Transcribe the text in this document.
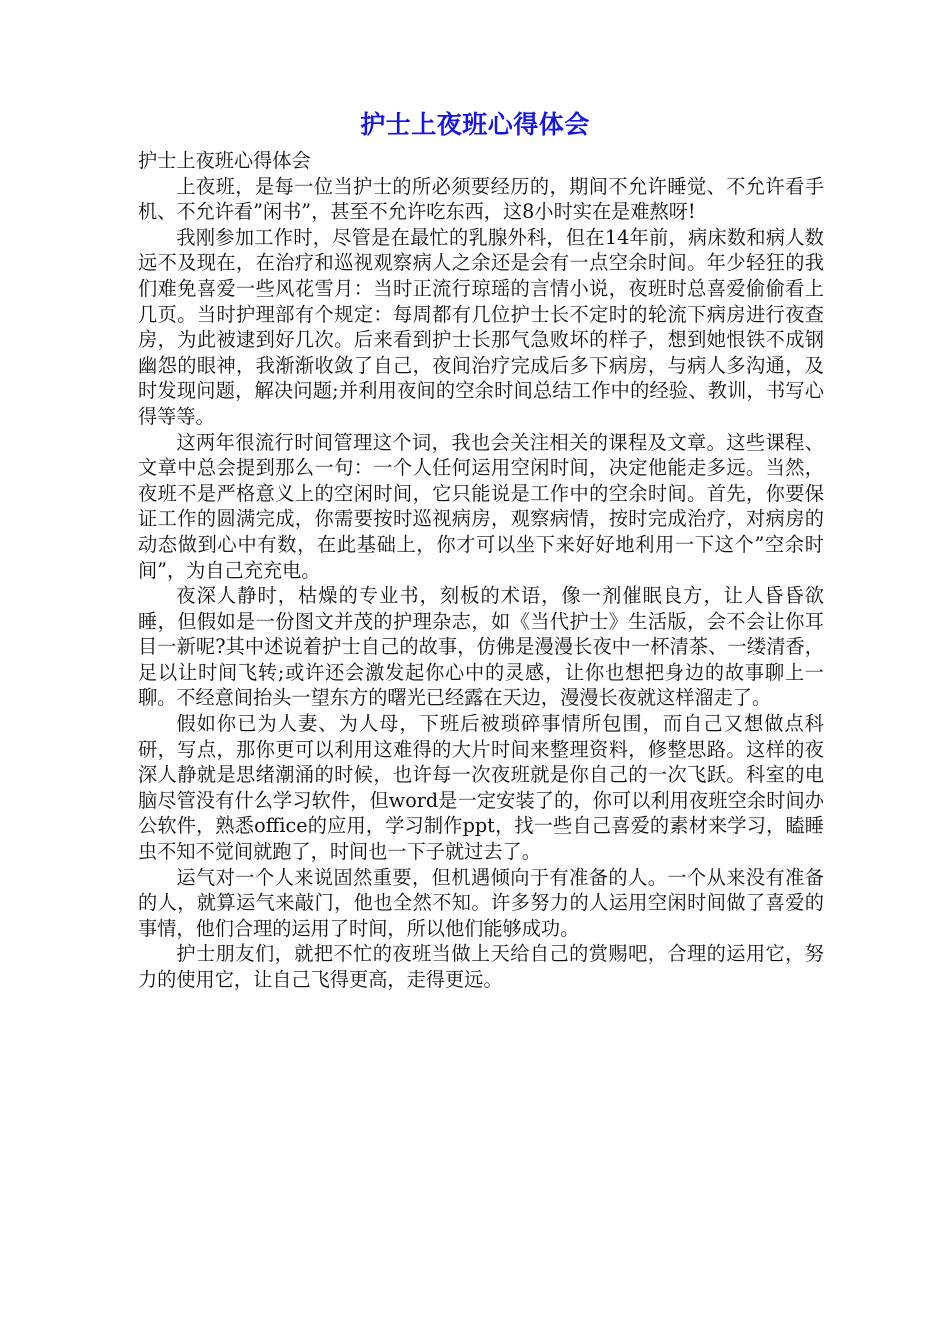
护士上夜班心得体会

护士上夜班心得体会

上夜班，是每一位当护士的所必须要经历的，期间不允许睡觉、不允许看手机、不允许看”闲书”，甚至不允许吃东西，这8小时实在是难熬呀!

我刚参加工作时，尽管是在最忙的乳腺外科，但在14年前，病床数和病人数远不及现在，在治疗和巡视观察病人之余还是会有一点空余时间。年少轻狂的我们难免喜爱一些风花雪月：当时正流行琼瑶的言情小说，夜班时总喜爱偷偷看上几页。当时护理部有个规定：每周都有几位护士长不定时的轮流下病房进行夜查房，为此被逮到好几次。后来看到护士长那气急败坏的样子，想到她恨铁不成钢幽怨的眼神，我渐渐收敛了自己，夜间治疗完成后多下病房，与病人多沟通，及时发现问题，解决问题;并利用夜间的空余时间总结工作中的经验、教训，书写心得等等。

这两年很流行时间管理这个词，我也会关注相关的课程及文章。这些课程、文章中总会提到那么一句：一个人任何运用空闲时间，决定他能走多远。当然，夜班不是严格意义上的空闲时间，它只能说是工作中的空余时间。首先，你要保证工作的圆满完成，你需要按时巡视病房，观察病情，按时完成治疗，对病房的动态做到心中有数，在此基础上，你才可以坐下来好好地利用一下这个”空余时间”，为自己充充电。

夜深人静时，枯燥的专业书，刻板的术语，像一剂催眠良方，让人昏昏欲睡，但假如是一份图文并茂的护理杂志，如《当代护士》生活版，会不会让你耳目一新呢?其中述说着护士自己的故事，仿佛是漫漫长夜中一杯清茶、一缕清香，足以让时间飞转;或许还会激发起你心中的灵感，让你也想把身边的故事聊上一聊。不经意间抬头一望东方的曙光已经露在天边，漫漫长夜就这样溜走了。

假如你已为人妻、为人母，下班后被琐碎事情所包围，而自己又想做点科研，写点，那你更可以利用这难得的大片时间来整理资料，修整思路。这样的夜深人静就是思绪潮涌的时候，也许每一次夜班就是你自己的一次飞跃。科室的电脑尽管没有什么学习软件，但word是一定安装了的，你可以利用夜班空余时间办公软件，熟悉office的应用，学习制作ppt，找一些自己喜爱的素材来学习，瞌睡虫不知不觉间就跑了，时间也一下子就过去了。

运气对一个人来说固然重要，但机遇倾向于有准备的人。一个从来没有准备的人，就算运气来敲门，他也全然不知。许多努力的人运用空闲时间做了喜爱的事情，他们合理的运用了时间，所以他们能够成功。

护士朋友们，就把不忙的夜班当做上天给自己的赏赐吧，合理的运用它，努力的使用它，让自己飞得更高，走得更远。
